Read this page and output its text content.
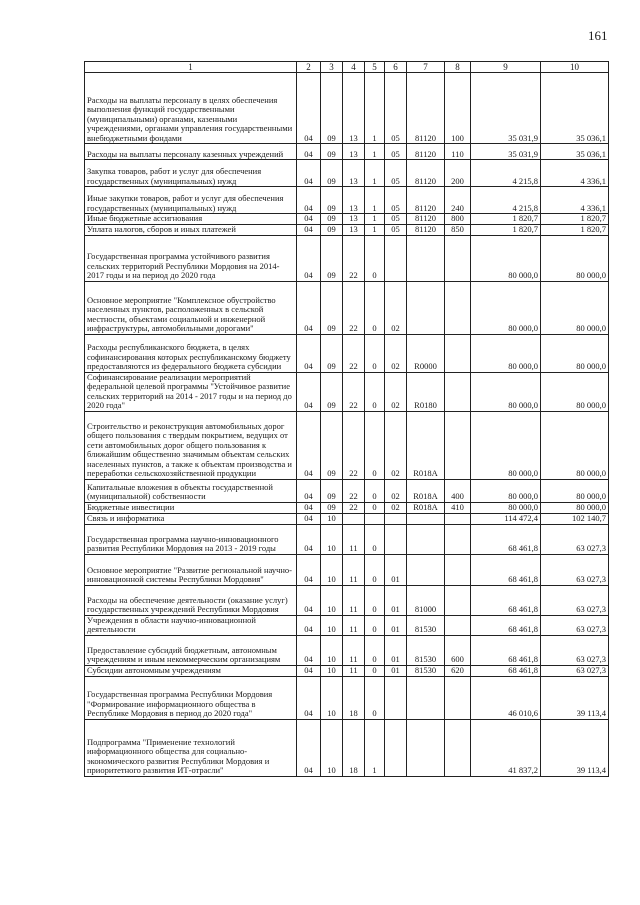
161
1	2	3	4	5	6	7	8	9	10
Расходы на выплаты персоналу в целях обеспечения выполнения функций государственными (муниципальными) органами, казенными учреждениями, органами управления государственными внебюджетными фондами	04	09	13	1	05	81120	100	35 031,9	35 036,1
Расходы на выплаты персоналу казенных учреждений	04	09	13	1	05	81120	110	35 031,9	35 036,1
Закупка товаров, работ и услуг для обеспечения государственных (муниципальных) нужд	04	09	13	1	05	81120	200	4 215,8	4 336,1
Иные закупки товаров, работ и услуг для обеспечения государственных (муниципальных) нужд	04	09	13	1	05	81120	240	4 215,8	4 336,1
Иные бюджетные ассигнования	04	09	13	1	05	81120	800	1 820,7	1 820,7
Уплата налогов, сборов и иных платежей	04	09	13	1	05	81120	850	1 820,7	1 820,7
Государственная программа устойчивого развития сельских территорий Республики Мордовия на 2014-2017 годы и на период до 2020 года	04	09	22	0				80 000,0	80 000,0
Основное мероприятие "Комплексное обустройство населенных пунктов, расположенных в сельской местности, объектами социальной и инженерной инфраструктуры, автомобильными дорогами"	04	09	22	0	02			80 000,0	80 000,0
Расходы республиканского бюджета, в целях софинансирования которых республиканскому бюджету предоставляются из федерального бюджета субсидии	04	09	22	0	02	R0000		80 000,0	80 000,0
Софинансирование реализации мероприятий федеральной целевой программы "Устойчивое развитие сельских территорий на 2014 - 2017 годы и на период до 2020 года"	04	09	22	0	02	R0180		80 000,0	80 000,0
Строительство и реконструкция автомобильных дорог общего пользования с твердым покрытием, ведущих от сети автомобильных дорог общего пользования к ближайшим общественно значимым объектам сельских населенных пунктов, а также к объектам производства и переработки сельскохозяйственной продукции	04	09	22	0	02	R018А		80 000,0	80 000,0
Капитальные вложения в объекты государственной (муниципальной) собственности	04	09	22	0	02	R018А	400	80 000,0	80 000,0
Бюджетные инвестиции	04	09	22	0	02	R018А	410	80 000,0	80 000,0
Связь и информатика	04	10						114 472,4	102 140,7
Государственная программа научно-инновационного развития Республики Мордовия на 2013 - 2019 годы	04	10	11	0				68 461,8	63 027,3
Основное мероприятие "Развитие региональной научно-инновационной системы Республики Мордовия"	04	10	11	0	01			68 461,8	63 027,3
Расходы на обеспечение деятельности (оказание услуг) государственных учреждений Республики Мордовия	04	10	11	0	01	81000		68 461,8	63 027,3
Учреждения в области научно-инновационной деятельности	04	10	11	0	01	81530		68 461,8	63 027,3
Предоставление субсидий бюджетным, автономным учреждениям и иным некоммерческим организациям	04	10	11	0	01	81530	600	68 461,8	63 027,3
Субсидии автономным учреждениям	04	10	11	0	01	81530	620	68 461,8	63 027,3
Государственная программа Республики Мордовия "Формирование информационного общества в Республике Мордовия в период до 2020 года"	04	10	18	0				46 010,6	39 113,4
Подпрограмма "Применение технологий информационного общества для социально-экономического развития Республики Мордовия и приоритетного развития ИТ-отрасли"	04	10	18	1				41 837,2	39 113,4
